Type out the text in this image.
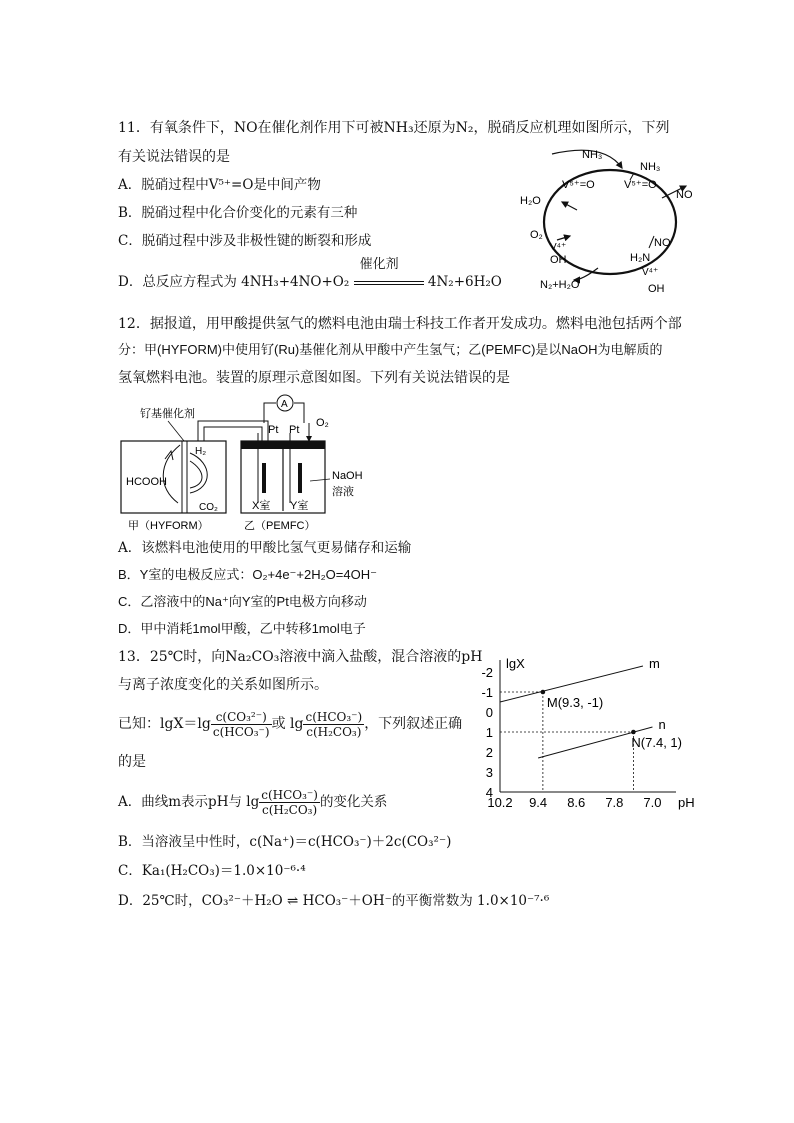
11．有氧条件下，NO在催化剂作用下可被NH₃还原为N₂，脱硝反应机理如图所示，下列
有关说法错误的是
A．脱硝过程中V⁵⁺=O是中间产物
B．脱硝过程中化合价变化的元素有三种
C．脱硝过程中涉及非极性键的断裂和形成
D．总反应方程式为 4NH₃+4NO+O₂
催化剂
4N₂+6H₂O
NH₃
NH₃
V⁵⁺=O	V⁵⁺=O
NO
H₂O
O₂
V⁴⁺
OH
NO
H₂N
V⁴⁺
OH
N₂+H₂O
12．据报道，用甲酸提供氢气的燃料电池由瑞士科技工作者开发成功。燃料电池包括两个部
分：甲(HYFORM)中使用钌(Ru)基催化剂从甲酸中产生氢气；乙(PEMFC)是以NaOH为电解质的
氢氧燃料电池。装置的原理示意图如图。下列有关说法错误的是
A
钌基催化剂
HCOOH
H₂
CO₂
Pt Pt
O₂
NaOH
溶液
X室 Y室
甲（HYFORM）	乙（PEMFC）
A．该燃料电池使用的甲酸比氢气更易储存和运输
B．Y室的电极反应式：O₂+4e⁻+2H₂O=4OH⁻
C．乙溶液中的Na⁺向Y室的Pt电极方向移动
D．甲中消耗1mol甲酸，乙中转移1mol电子
13．25℃时，向Na₂CO₃溶液中滴入盐酸，混合溶液的pH
与离子浓度变化的关系如图所示。
已知：$\lg X=\lg \frac{\text{c(CO₃²⁻)}}{\text{c(HCO₃⁻)}}$ 或 $\lg \frac{\text{c(HCO₃⁻)}}{\text{c(H₂CO₃)}}$ ，下列叙述正确
的是
A．曲线m表示pH与 $\lg \frac{\text{c(HCO₃⁻)}}{\text{c(H₂CO₃)}}$ 的变化关系
B．当溶液呈中性时，c(Na⁺)＝c(HCO₃⁻)＋2c(CO₃²⁻)
C．Ka₁(H₂CO₃)＝1.0×10⁻⁶·⁴
D．25℃时，CO₃²⁻＋H₂O ⇌ HCO₃⁻＋OH⁻的平衡常数为 1.0×10⁻⁷·⁶
-2
-1
0
1
2
3
4
10.2 9.4 8.6 7.8 7.0
lgX
pH
m
n
M(9.3, -1)
N(7.4, 1)
